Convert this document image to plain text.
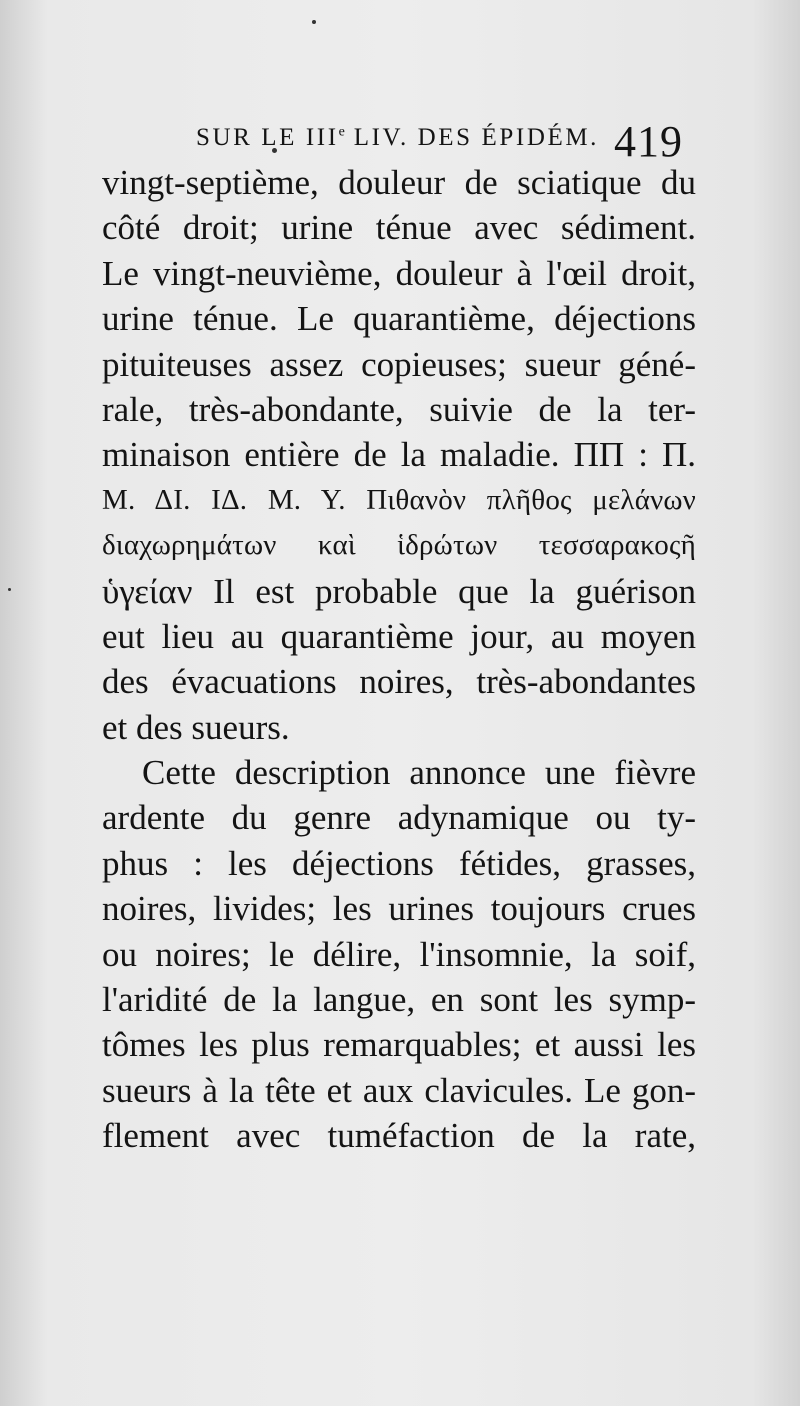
SUR LE IIIe LIV. DES ÉPIDÉM. 419
vingt-septième, douleur de sciatique du
côté droit; urine ténue avec sédiment.
Le vingt-neuvième, douleur à l'œil droit,
urine ténue. Le quarantième, déjections
pituiteuses assez copieuses; sueur géné-
rale, très-abondante, suivie de la ter-
minaison entière de la maladie. ΠΠ : Π.
Μ. ΔΙ. ΙΔ. Μ. Υ. Πιθανὸν πλῆθος μελάνων
διαχωρημάτων καὶ ἱδρώτων τεσσαρακοςῆ
ὑγείαν Il est probable que la guérison
eut lieu au quarantième jour, au moyen
des évacuations noires, très-abondantes
et des sueurs.
Cette description annonce une fièvre
ardente du genre adynamique ou ty-
phus : les déjections fétides, grasses,
noires, livides; les urines toujours crues
ou noires; le délire, l'insomnie, la soif,
l'aridité de la langue, en sont les symp-
tômes les plus remarquables; et aussi les
sueurs à la tête et aux clavicules. Le gon-
flement avec tuméfaction de la rate,
